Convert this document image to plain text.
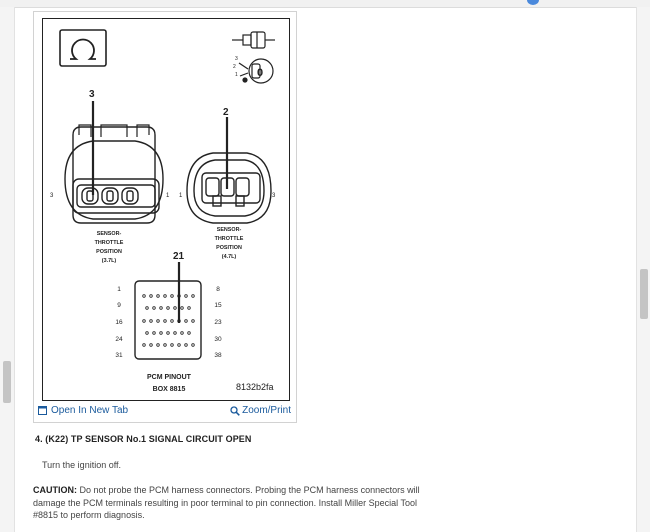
3
2
1 0
3
3	1
SENSOR-
THROTTLE
POSITION
(3.7L)
2
1	3
SENSOR-
THROTTLE
POSITION
(4.7L)
21
1
9
16
24
31
8
15
23
30
38
PCM PINOUT
BOX 8815	8132b2fa
Open In New Tab	Zoom/Print
4. (K22) TP SENSOR No.1 SIGNAL CIRCUIT OPEN
Turn the ignition off.
CAUTION: Do not probe the PCM harness connectors. Probing the PCM harness connectors will
damage the PCM terminals resulting in poor terminal to pin connection. Install Miller Special Tool
#8815 to perform diagnosis.
